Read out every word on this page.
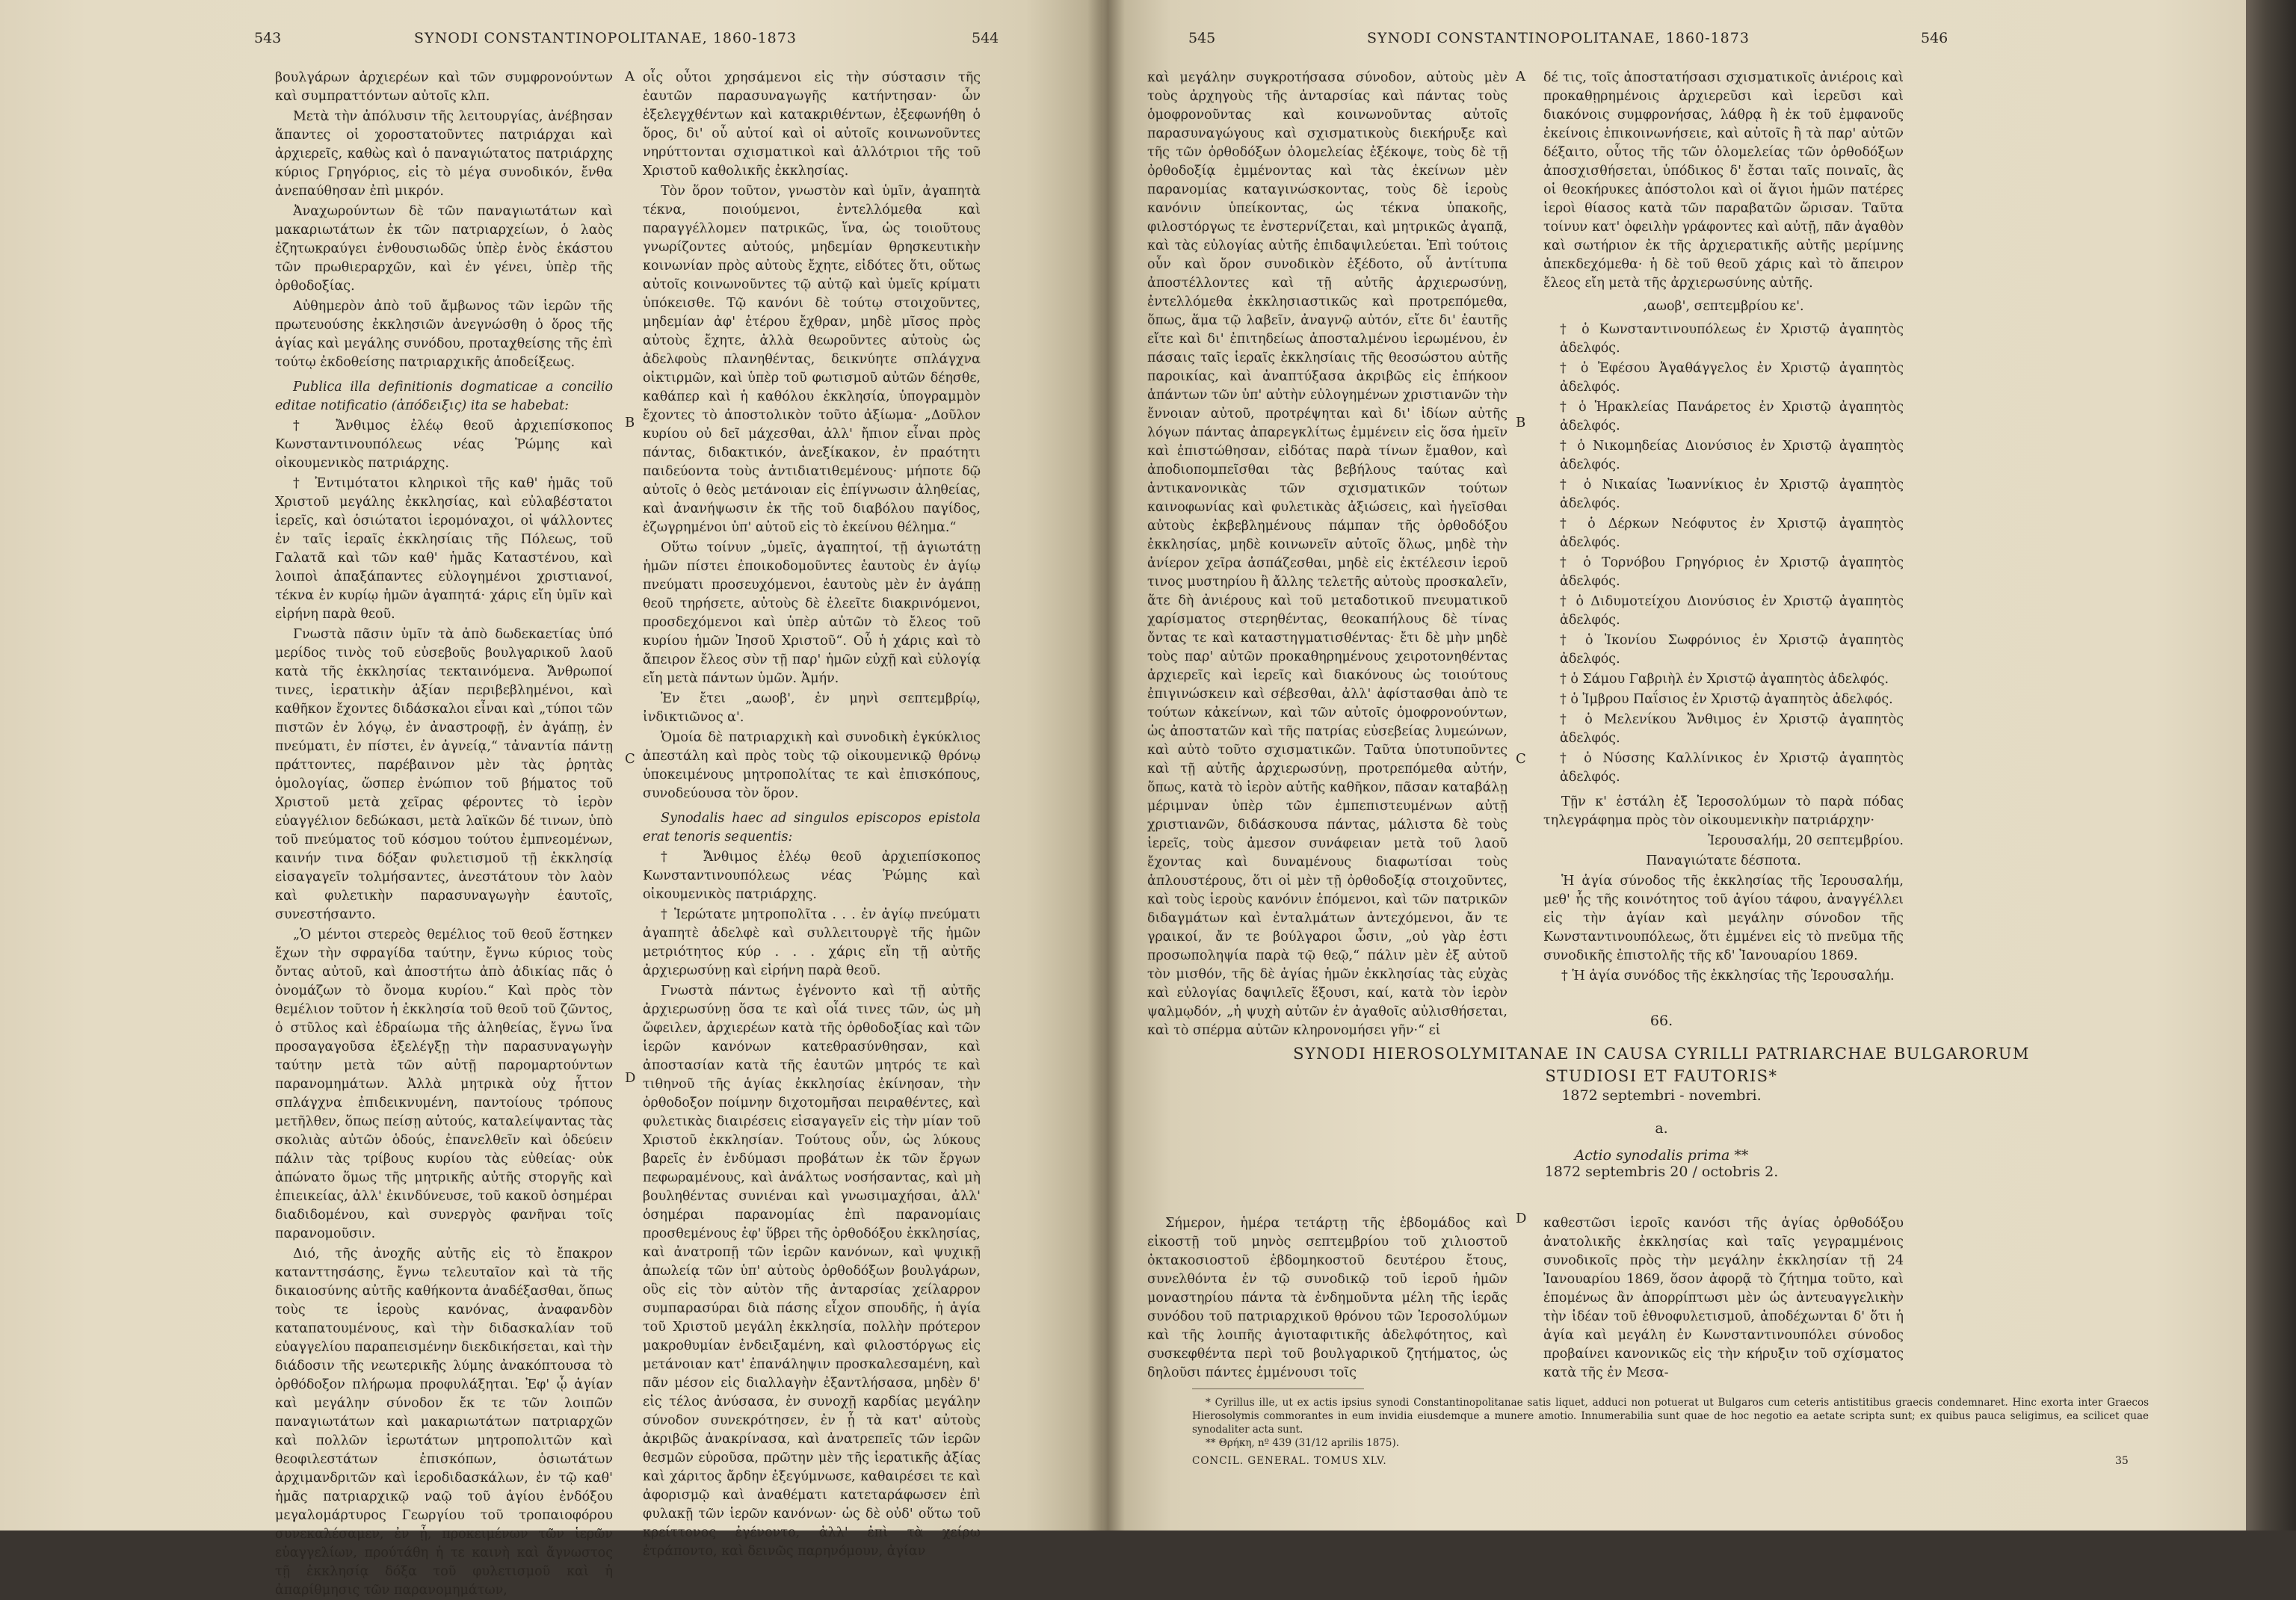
543	SYNODI CONSTANTINOPOLITANAE, 1860-1873	544

βουλγάρων ἀρχιερέων καὶ τῶν συμφρονούντων καὶ συμπραττόντων αὐτοῖς κλπ.

Μετὰ τὴν ἀπόλυσιν τῆς λειτουργίας, ἀνέβησαν ἅπαντες οἱ χοροστατοῦντες πατριάρχαι καὶ ἀρχιερεῖς, καθὼς καὶ ὁ παναγιώτατος πατριάρχης κύριος Γρηγόριος, εἰς τὸ μέγα συνοδικόν, ἔνθα ἀνεπαύθησαν ἐπὶ μικρόν.

Ἀναχωρούντων δὲ τῶν παναγιωτάτων καὶ μακαριωτάτων ἐκ τῶν πατριαρχείων, ὁ λαὸς ἐζητωκραύγει ἐνθουσιωδῶς ὑπὲρ ἑνὸς ἑκάστου τῶν πρωθιεραρχῶν, καὶ ἐν γένει, ὑπὲρ τῆς ὀρθοδοξίας.

Αὐθημερὸν ἀπὸ τοῦ ἄμβωνος τῶν ἱερῶν τῆς πρωτευούσης ἐκκλησιῶν ἀνεγνώσθη ὁ ὅρος τῆς ἁγίας καὶ μεγάλης συνόδου, προταχθείσης τῆς ἐπὶ τούτῳ ἐκδοθείσης πατριαρχικῆς ἀποδείξεως.

Publica illa definitionis dogmaticae a concilio editae notificatio (ἀπόδειξις) ita se habebat:

† Ἄνθιμος ἐλέῳ θεοῦ ἀρχιεπίσκοπος Κωνσταντινουπόλεως νέας Ῥώμης καὶ οἰκουμενικὸς πατριάρχης.

† Ἐντιμότατοι κληρικοὶ τῆς καθ' ἡμᾶς τοῦ Χριστοῦ μεγάλης ἐκκλησίας, καὶ εὐλαβέστατοι ἱερεῖς, καὶ ὁσιώτατοι ἱερομόναχοι, οἱ ψάλλοντες ἐν ταῖς ἱεραῖς ἐκκλησίαις τῆς Πόλεως, τοῦ Γαλατᾶ καὶ τῶν καθ' ἡμᾶς Καταστένου, καὶ λοιποὶ ἀπαξάπαντες εὐλογημένοι χριστιανοί, τέκνα ἐν κυρίῳ ἡμῶν ἀγαπητά· χάρις εἴη ὑμῖν καὶ εἰρήνη παρὰ θεοῦ.

Γνωστὰ πᾶσιν ὑμῖν τὰ ἀπὸ δωδεκαετίας ὑπό μερίδος τινὸς τοῦ εὐσεβοῦς βουλγαρικοῦ λαοῦ κατὰ τῆς ἐκκλησίας τεκταινόμενα. Ἄνθρωποί τινες, ἱερατικὴν ἀξίαν περιβεβλημένοι, καὶ καθῆκον ἔχοντες διδάσκαλοι εἶναι καὶ „τύποι τῶν πιστῶν ἐν λόγῳ, ἐν ἀναστροφῇ, ἐν ἀγάπῃ, ἐν πνεύματι, ἐν πίστει, ἐν ἁγνείᾳ,“ τἀναντία πάντῃ πράττοντες, παρέβαινον μὲν τὰς ῥρητὰς ὁμολογίας, ὥσπερ ἐνώπιον τοῦ βήματος τοῦ Χριστοῦ μετὰ χεῖρας φέροντες τὸ ἱερὸν εὐαγγέλιον δεδώκασι, μετὰ λαϊκῶν δέ τινων, ὑπὸ τοῦ πνεύματος τοῦ κόσμου τούτου ἐμπνεομένων, καινήν τινα δόξαν φυλετισμοῦ τῇ ἐκκλησίᾳ εἰσαγαγεῖν τολμήσαντες, ἀνεστάτουν τὸν λαὸν καὶ φυλετικὴν παρασυναγωγὴν ἑαυτοῖς, συνεστήσαντο.

„Ὁ μέντοι στερεὸς θεμέλιος τοῦ θεοῦ ἕστηκεν ἔχων τὴν σφραγίδα ταύτην, ἔγνω κύριος τοὺς ὄντας αὐτοῦ, καὶ ἀποστήτω ἀπὸ ἀδικίας πᾶς ὁ ὀνομάζων τὸ ὄνομα κυρίου.“ Καὶ πρὸς τὸν θεμέλιον τοῦτον ἡ ἐκκλησία τοῦ θεοῦ τοῦ ζῶντος, ὁ στῦλος καὶ ἑδραίωμα τῆς ἀληθείας, ἔγνω ἵνα προσαγαγοῦσα ἐξελέγξῃ τὴν παρασυναγωγὴν ταύτην μετὰ τῶν αὐτῇ παρομαρτούντων παρανομημάτων. Ἀλλὰ μητρικὰ οὐχ ἧττον σπλάγχνα ἐπιδεικνυμένη, παντοίους τρόπους μετῆλθεν, ὅπως πείσῃ αὐτούς, καταλείψαντας τὰς σκολιὰς αὐτῶν ὁδούς, ἐπανελθεῖν καὶ ὁδεύειν πάλιν τὰς τρίβους κυρίου τὰς εὐθείας· οὐκ ἀπώνατο ὅμως τῆς μητρικῆς αὐτῆς στοργῆς καὶ ἐπιεικείας, ἀλλ' ἐκινδύνευσε, τοῦ κακοῦ ὁσημέραι διαδιδομένου, καὶ συνεργὸς φανῆναι τοῖς παρανομοῦσιν.

Διό, τῆς ἀνοχῆς αὐτῆς εἰς τὸ ἔπακρον κατανττησάσης, ἔγνω τελευταῖον καὶ τὰ τῆς δικαιοσύνης αὐτῆς καθήκοντα ἀναδέξασθαι, ὅπως τοὺς τε ἱεροὺς κανόνας, ἀναφανδὸν καταπατουμένους, καὶ τὴν διδασκαλίαν τοῦ εὐαγγελίου παραπεισμένην διεκδικήσεται, καὶ τὴν διάδοσιν τῆς νεωτερικῆς λύμης ἀνακόπτουσα τὸ ὀρθόδοξον πλήρωμα προφυλάξηται. Ἐφ' ᾧ ἁγίαν καὶ μεγάλην σύνοδον ἔκ τε τῶν λοιπῶν παναγιωτάτων καὶ μακαριωτάτων πατριαρχῶν καὶ πολλῶν ἱερωτάτων μητροπολιτῶν καὶ θεοφιλεστάτων ἐπισκόπων, ὁσιωτάτων ἀρχιμανδριτῶν καὶ ἱεροδιδασκάλων, ἐν τῷ καθ' ἡμᾶς πατριαρχικῷ ναῷ τοῦ ἁγίου ἐνδόξου μεγαλομάρτυρος Γεωργίου τοῦ τροπαιοφόρου συνεκαλέσαμεν, ἐν ᾗ, προκειμένων τῶν ἱερῶν εὐαγγελίων, προύτάθη ἡ τε καινὴ καὶ ἄγνωστος τῇ ἐκκλησίᾳ δόξα τοῦ φυλετισμοῦ καὶ ἡ ἀπαρίθμησις τῶν παρανομημάτων,

οἷς οὗτοι χρησάμενοι εἰς τὴν σύστασιν τῆς ἑαυτῶν παρασυναγωγῆς κατήντησαν· ὧν ἐξελεγχθέντων καὶ κατακριθέντων, ἐξεφωνήθη ὁ ὅρος, δι' οὗ αὐτοί καὶ οἱ αὐτοῖς κοινωνοῦντες νηρύττονται σχισματικοὶ καὶ ἀλλότριοι τῆς τοῦ Χριστοῦ καθολικῆς ἐκκλησίας.

Τὸν ὅρον τοῦτον, γνωστὸν καὶ ὑμῖν, ἀγαπητὰ τέκνα, ποιούμενοι, ἐντελλόμεθα καὶ παραγγέλλομεν πατρικῶς, ἵνα, ὡς τοιοῦτους γνωρίζοντες αὐτούς, μηδεμίαν θρησκευτικὴν κοινωνίαν πρὸς αὐτοὺς ἔχητε, εἰδότες ὅτι, οὕτως αὐτοῖς κοινωνοῦντες τῷ αὐτῷ καὶ ὑμεῖς κρίματι ὑπόκεισθε. Τῷ κανόνι δὲ τούτῳ στοιχοῦντες, μηδεμίαν ἀφ' ἑτέρου ἔχθραν, μηδὲ μῖσος πρὸς αὐτοὺς ἔχητε, ἀλλὰ θεωροῦντες αὐτοὺς ὡς ἀδελφοὺς πλανηθέντας, δεικνύητε σπλάγχνα οἰκτιρμῶν, καὶ ὑπὲρ τοῦ φωτισμοῦ αὐτῶν δέησθε, καθάπερ καὶ ἡ καθόλου ἐκκλησία, ὑπογραμμὸν ἔχοντες τὸ ἀποστολικὸν τοῦτο ἀξίωμα· „Δοῦλον κυρίου οὐ δεῖ μάχεσθαι, ἀλλ' ἤπιον εἶναι πρὸς πάντας, διδακτικόν, ἀνεξίκακον, ἐν πραότητι παιδεύοντα τοὺς ἀντιδιατιθεμένους· μήποτε δῷ αὐτοῖς ὁ θεὸς μετάνοιαν εἰς ἐπίγνωσιν ἀληθείας, καὶ ἀνανήψωσιν ἐκ τῆς τοῦ διαβόλου παγίδος, ἐζωγρημένοι ὑπ' αὐτοῦ εἰς τὸ ἐκείνου θέλημα.“

Οὕτω τοίνυν „ὑμεῖς, ἀγαπητοί, τῇ ἁγιωτάτῃ ἡμῶν πίστει ἐποικοδομοῦντες ἑαυτοὺς ἐν ἁγίῳ πνεύματι προσευχόμενοι, ἑαυτοὺς μὲν ἐν ἀγάπῃ θεοῦ τηρήσετε, αὐτοὺς δὲ ἐλεεῖτε διακρινόμενοι, προσδεχόμενοι καὶ ὑπὲρ αὐτῶν τὸ ἔλεος τοῦ κυρίου ἡμῶν Ἰησοῦ Χριστοῦ“. Οὗ ἡ χάρις καὶ τὸ ἄπειρον ἔλεος σὺν τῇ παρ' ἡμῶν εὐχῇ καὶ εὐλογίᾳ εἴη μετὰ πάντων ὑμῶν. Ἀμήν.

Ἐν ἔτει „αωοβ', ἐν μηνὶ σεπτεμβρίῳ, ἰνδικτιῶνος α'.

Ὁμοία δὲ πατριαρχικὴ καὶ συνοδικὴ ἐγκύκλιος ἀπεστάλη καὶ πρὸς τοὺς τῷ οἰκουμενικῷ θρόνῳ ὑποκειμένους μητροπολίτας τε καὶ ἐπισκόπους, συνοδεύουσα τὸν ὅρον.

Synodalis haec ad singulos episcopos epistola erat tenoris sequentis:

† Ἄνθιμος ἐλέῳ θεοῦ ἀρχιεπίσκοπος Κωνσταντινουπόλεως νέας Ῥώμης καὶ οἰκουμενικὸς πατριάρχης.

† Ἱερώτατε μητροπολῖτα . . . ἐν ἁγίῳ πνεύματι ἀγαπητὲ ἀδελφὲ καὶ συλλειτουργὲ τῆς ἡμῶν μετριότητος κύρ . . . χάρις εἴη τῇ αὐτῆς ἀρχιερωσύνῃ καὶ εἰρήνη παρὰ θεοῦ.

Γνωστὰ πάντως ἐγένοντο καὶ τῇ αὐτῆς ἀρχιερωσύνῃ ὅσα τε καὶ οἷά τινες τῶν, ὡς μὴ ὤφειλεν, ἀρχιερέων κατὰ τῆς ὀρθοδοξίας καὶ τῶν ἱερῶν κανόνων κατεθρασύνθησαν, καὶ ἀποστασίαν κατὰ τῆς ἑαυτῶν μητρός τε καὶ τιθηνοῦ τῆς ἁγίας ἐκκλησίας ἐκίνησαν, τὴν ὀρθοδοξον ποίμνην διχοτομῆσαι πειραθέντες, καὶ φυλετικὰς διαιρέσεις εἰσαγαγεῖν εἰς τὴν μίαν τοῦ Χριστοῦ ἐκκλησίαν. Τούτους οὖν, ὡς λύκους βαρεῖς ἐν ἐνδύμασι προβάτων ἐκ τῶν ἔργων πεφωραμένους, καὶ ἀνάλτως νοσήσαντας, καὶ μὴ βουληθέντας συνιέναι καὶ γνωσιμαχήσαι, ἀλλ' ὁσημέραι παρανομίας ἐπὶ παρανομίαις προσθεμένους ἐφ' ὕβρει τῆς ὀρθοδόξου ἐκκλησίας, καὶ ἀνατροπῇ τῶν ἱερῶν κανόνων, καὶ ψυχικῇ ἀπωλείᾳ τῶν ὑπ' αὐτοὺς ὀρθοδόξων βουλγάρων, οὓς εἰς τὸν αὐτὸν τῆς ἀνταρσίας χείλαρρον συμπαρασύραι διὰ πάσης εἶχον σπουδῆς, ἡ ἁγία τοῦ Χριστοῦ μεγάλη ἐκκλησία, πολλὴν πρότερον μακροθυμίαν ἐνδειξαμένη, καὶ φιλοστόργως εἰς μετάνοιαν κατ' ἐπανάληψιν προσκαλεσαμένη, καὶ πᾶν μέσον εἰς διαλλαγὴν ἐξαντλήσασα, μηδὲν δ' εἰς τέλος ἀνύσασα, ἐν συνοχῇ καρδίας μεγάλην σύνοδον συνεκρότησεν, ἐν ᾗ τὰ κατ' αὐτοὺς ἀκριβῶς ἀνακρίνασα, καὶ ἀνατρεπεῖς τῶν ἱερῶν θεσμῶν εὑροῦσα, πρῶτην μὲν τῆς ἱερατικῆς ἀξίας καὶ χάριτος ἄρδην ἐξεγύμνωσε, καθαιρέσει τε καὶ ἀφορισμῷ καὶ ἀναθέματι κατεταράφωσεν ἐπὶ φυλακῇ τῶν ἱερῶν κανόνων· ὡς δὲ οὐδ' οὕτω τοῦ κρείττονος ἐγένοντο, ἀλλ' ἐπὶ τὰ χείρω ἐτράποντο, καὶ δεινῶς παρηνόμουν, ἁγίαν

A
B
C
D
545	SYNODI CONSTANTINOPOLITANAE, 1860-1873	546

καὶ μεγάλην συγκροτήσασα σύνοδον, αὐτοὺς μὲν τοὺς ἀρχηγοὺς τῆς ἀνταρσίας καὶ πάντας τοὺς ὁμοφρονοῦντας καὶ κοινωνοῦντας αὐτοῖς παρασυναγώγους καὶ σχισματικοὺς διεκήρυξε καὶ τῆς τῶν ὀρθοδόξων ὁλομελείας ἐξέκοψε, τοὺς δὲ τῇ ὀρθοδοξίᾳ ἐμμένοντας καὶ τὰς ἐκείνων μὲν παρανομίας καταγινώσκοντας, τοὺς δὲ ἱεροὺς κανόνιν ὑπείκοντας, ὡς τέκνα ὑπακοῆς, φιλοστόργως τε ἐνστερνίζεται, καὶ μητρικῶς ἀγαπᾷ, καὶ τὰς εὐλογίας αὐτῆς ἐπιδαψιλεύεται. Ἐπὶ τούτοις οὖν καὶ ὅρον συνοδικὸν ἐξέδοτο, οὗ ἀντίτυπα ἀποστέλλοντες καὶ τῇ αὐτῆς ἀρχιερωσύνῃ, ἐντελλόμεθα ἐκκλησιαστικῶς καὶ προτρεπόμεθα, ὅπως, ἅμα τῷ λαβεῖν, ἀναγνῷ αὐτόν, εἴτε δι' ἑαυτῆς εἴτε καὶ δι' ἐπιτηδείως ἀποσταλμένου ἱερωμένου, ἐν πάσαις ταῖς ἱεραῖς ἐκκλησίαις τῆς θεοσώστου αὐτῆς παροικίας, καὶ ἀναπτύξασα ἀκριβῶς εἰς ἐπήκοον ἁπάντων τῶν ὑπ' αὐτὴν εὐλογημένων χριστιανῶν τὴν ἔννοιαν αὐτοῦ, προτρέψηται καὶ δι' ἰδίων αὐτῆς λόγων πάντας ἀπαρεγκλίτως ἐμμένειν εἰς ὅσα ἡμεῖν καὶ ἐπιστώθησαν, εἰδότας παρὰ τίνων ἔμαθον, καὶ ἀποδιοπομπεῖσθαι τὰς βεβήλους ταύτας καὶ ἀντικανονικὰς τῶν σχισματικῶν τούτων καινοφωνίας καὶ φυλετικὰς ἀξιώσεις, καὶ ἡγεῖσθαι αὐτοὺς ἐκβεβλημένους πάμπαν τῆς ὀρθοδόξου ἐκκλησίας, μηδὲ κοινωνεῖν αὐτοῖς ὅλως, μηδὲ τὴν ἀνίερον χεῖρα ἀσπάζεσθαι, μηδὲ εἰς ἐκτέλεσιν ἱεροῦ τινος μυστηρίου ἢ ἄλλης τελετῆς αὐτοὺς προσκαλεῖν, ἅτε δὴ ἀνιέρους καὶ τοῦ μεταδοτικοῦ πνευματικοῦ χαρίσματος στερηθέντας, θεοκαπήλους δὲ τίνας ὄντας τε καὶ καταστηγματισθέντας· ἔτι δὲ μὴν μηδὲ τοὺς παρ' αὐτῶν προκαθηρημένους χειροτονηθέντας ἀρχιερεῖς καὶ ἱερεῖς καὶ διακόνους ὡς τοιούτους ἐπιγινώσκειν καὶ σέβεσθαι, ἀλλ' ἀφίστασθαι ἀπὸ τε τούτων κἀκείνων, καὶ τῶν αὐτοῖς ὁμοφρονούντων, ὡς ἀποστατῶν καὶ τῆς πατρίας εὐσεβείας λυμεώνων, καὶ αὐτὸ τοῦτο σχισματικῶν. Ταῦτα ὑποτυποῦντες καὶ τῇ αὐτῆς ἀρχιερωσύνῃ, προτρεπόμεθα αὐτήν, ὅπως, κατὰ τὸ ἱερὸν αὐτῆς καθῆκον, πᾶσαν καταβάλῃ μέριμναν ὑπὲρ τῶν ἐμπεπιστευμένων αὐτῇ χριστιανῶν, διδάσκουσα πάντας, μάλιστα δὲ τοὺς ἱερεῖς, τοὺς ἀμεσον συνάφειαν μετὰ τοῦ λαοῦ ἔχοντας καὶ δυναμένους διαφωτίσαι τοὺς ἁπλουστέρους, ὅτι οἱ μὲν τῇ ὀρθοδοξίᾳ στοιχοῦντες, καὶ τοὺς ἱεροὺς κανόνιν ἑπόμενοι, καὶ τῶν πατρικῶν διδαγμάτων καὶ ἐνταλμάτων ἀντεχόμενοι, ἄν τε γραικοί, ἄν τε βούλγαροι ὦσιν, „οὐ γὰρ ἐστι προσωποληψία παρὰ τῷ θεῷ,“ πάλιν μὲν ἐξ αὐτοῦ τὸν μισθόν, τῆς δὲ ἁγίας ἡμῶν ἐκκλησίας τὰς εὐχὰς καὶ εὐλογίας δαψιλεῖς ἕξουσι, καί, κατὰ τὸν ἱερὸν ψαλμῳδόν, „ἡ ψυχὴ αὐτῶν ἐν ἀγαθοῖς αὐλισθήσεται, καὶ τὸ σπέρμα αὐτῶν κληρονομήσει γῆν·“ εἰ

δέ τις, τοῖς ἀποστατήσασι σχισματικοῖς ἀνιέροις καὶ προκαθῃρημένοις ἀρχιερεῦσι καὶ ἱερεῦσι καὶ διακόνοις συμφρονήσας, λάθρᾳ ἢ ἐκ τοῦ ἐμφανοῦς ἐκείνοις ἐπικοινωνήσειε, καὶ αὐτοῖς ἢ τὰ παρ' αὐτῶν δέξαιτο, οὗτος τῆς τῶν ὁλομελείας τῶν ὀρθοδόξων ἀποσχισθήσεται, ὑπόδικος δ' ἔσται ταῖς ποιναῖς, ἃς οἱ θεοκήρυκες ἀπόστολοι καὶ οἱ ἅγιοι ἡμῶν πατέρες ἱεροὶ θίασος κατὰ τῶν παραβατῶν ὥρισαν. Ταῦτα τοίνυν κατ' ὀφειλὴν γράφοντες καὶ αὐτῇ, πᾶν ἀγαθὸν καὶ σωτήριον ἐκ τῆς ἀρχιερατικῆς αὐτῆς μερίμνης ἀπεκδεχόμεθα· ἡ δὲ τοῦ θεοῦ χάρις καὶ τὸ ἄπειρον ἔλεος εἴη μετὰ τῆς ἀρχιερωσύνης αὐτῆς.

,αωοβ', σεπτεμβρίου κε'.

† ὁ Κωνσταντινουπόλεως ἐν Χριστῷ ἀγαπητὸς ἀδελφός.

† ὁ Ἐφέσου Ἀγαθάγγελος ἐν Χριστῷ ἀγαπητὸς ἀδελφός.

† ὁ Ἡρακλείας Πανάρετος ἐν Χριστῷ ἀγαπητὸς ἀδελφός.

† ὁ Νικομηδείας Διονύσιος ἐν Χριστῷ ἀγαπητὸς ἀδελφός.

† ὁ Νικαίας Ἰωαννίκιος ἐν Χριστῷ ἀγαπητὸς ἀδελφός.

† ὁ Δέρκων Νεόφυτος ἐν Χριστῷ ἀγαπητὸς ἀδελφός.

† ὁ Τορνόβου Γρηγόριος ἐν Χριστῷ ἀγαπητὸς ἀδελφός.

† ὁ Διδυμοτείχου Διονύσιος ἐν Χριστῷ ἀγαπητὸς ἀδελφός.

† ὁ Ἰκονίου Σωφρόνιος ἐν Χριστῷ ἀγαπητὸς ἀδελφός.

† ὁ Σάμου Γαβριὴλ ἐν Χριστῷ ἀγαπητὸς ἀδελφός.

† ὁ Ἰμβρου Παΐσιος ἐν Χριστῷ ἀγαπητὸς ἀδελφός.

† ὁ Μελενίκου Ἄνθιμος ἐν Χριστῷ ἀγαπητὸς ἀδελφός.

† ὁ Νύσσης Καλλίνικος ἐν Χριστῷ ἀγαπητὸς ἀδελφός.

Τῇν κ' ἐστάλη ἐξ Ἱεροσολύμων τὸ παρὰ πόδας τηλεγράφημα πρὸς τὸν οἰκουμενικὴν πατριάρχην·

Ἱερουσαλήμ, 20 σεπτεμβρίου.

Παναγιώτατε δέσποτα.

Ἡ ἁγία σύνοδος τῆς ἐκκλησίας τῆς Ἱερουσαλήμ, μεθ' ἧς τῆς κοινότητος τοῦ ἁγίου τάφου, ἀναγγέλλει εἰς τὴν ἁγίαν καὶ μεγάλην σύνοδον τῆς Κωνσταντινουπόλεως, ὅτι ἐμμένει εἰς τὸ πνεῦμα τῆς συνοδικῆς ἐπιστολῆς τῆς κδ' Ἰανουαρίου 1869.

† Ἡ ἁγία συνόδος τῆς ἐκκλησίας τῆς Ἱερουσαλήμ.

A
B
C
D
66.
SYNODI HIEROSOLYMITANAE IN CAUSA CYRILLI PATRIARCHAE BULGARORUM
STUDIOSI ET FAUTORIS*
1872 septembri - novembri.
a.
Actio synodalis prima **
1872 septembris 20 / octobris 2.

Σήμερον, ἡμέρα τετάρτῃ τῆς ἑβδομάδος καὶ εἰκοστῇ τοῦ μηνὸς σεπτεμβρίου τοῦ χιλιοστοῦ ὀκτακοσιοστοῦ ἑβδομηκοστοῦ δευτέρου ἔτους, συνελθόντα ἐν τῷ συνοδικῷ τοῦ ἱεροῦ ἡμῶν μοναστηρίου πάντα τὰ ἐνδημοῦντα μέλη τῆς ἱερᾶς συνόδου τοῦ πατριαρχικοῦ θρόνου τῶν Ἱεροσολύμων καὶ τῆς λοιπῆς ἁγιοταφιτικῆς ἀδελφότητος, καὶ συσκεφθέντα περὶ τοῦ βουλγαρικοῦ ζητήματος, ὡς δηλοῦσι πάντες ἐμμένουσι τοῖς

καθεστῶσι ἱεροῖς κανόσι τῆς ἁγίας ὀρθοδόξου ἀνατολικῆς ἐκκλησίας καὶ ταῖς γεγραμμένοις συνοδικοῖς πρὸς τὴν μεγάλην ἐκκλησίαν τῇ 24 Ἰανουαρίου 1869, ὅσον ἀφορᾷ τὸ ζήτημα τοῦτο, καὶ ἑπομένως ἂν ἀπορρίπτωσι μὲν ὡς ἀντευαγγελικὴν τὴν ἰδέαν τοῦ ἐθνοφυλετισμοῦ, ἀποδέχωνται δ' ὅτι ἡ ἁγία καὶ μεγάλη ἐν Κωνσταντινουπόλει σύνοδος προβαίνει κανονικῶς εἰς τὴν κήρυξιν τοῦ σχίσματος κατὰ τῆς ἐν Μεσα-

* Cyrillus ille, ut ex actis ipsius synodi Constantinopolitanae satis liquet, adduci non potuerat ut Bulgaros cum ceteris antistitibus graecis condemnaret. Hinc exorta inter Graecos Hierosolymis commorantes in eum invidia eiusdemque a munere amotio. Innumerabilia sunt quae de hoc negotio ea aetate scripta sunt; ex quibus pauca seligimus, ea scilicet quae synodaliter acta sunt.

** Θρήκη, nº 439 (31/12 aprilis 1875).

CONCIL. GENERAL. TOMUS XLV.	35
